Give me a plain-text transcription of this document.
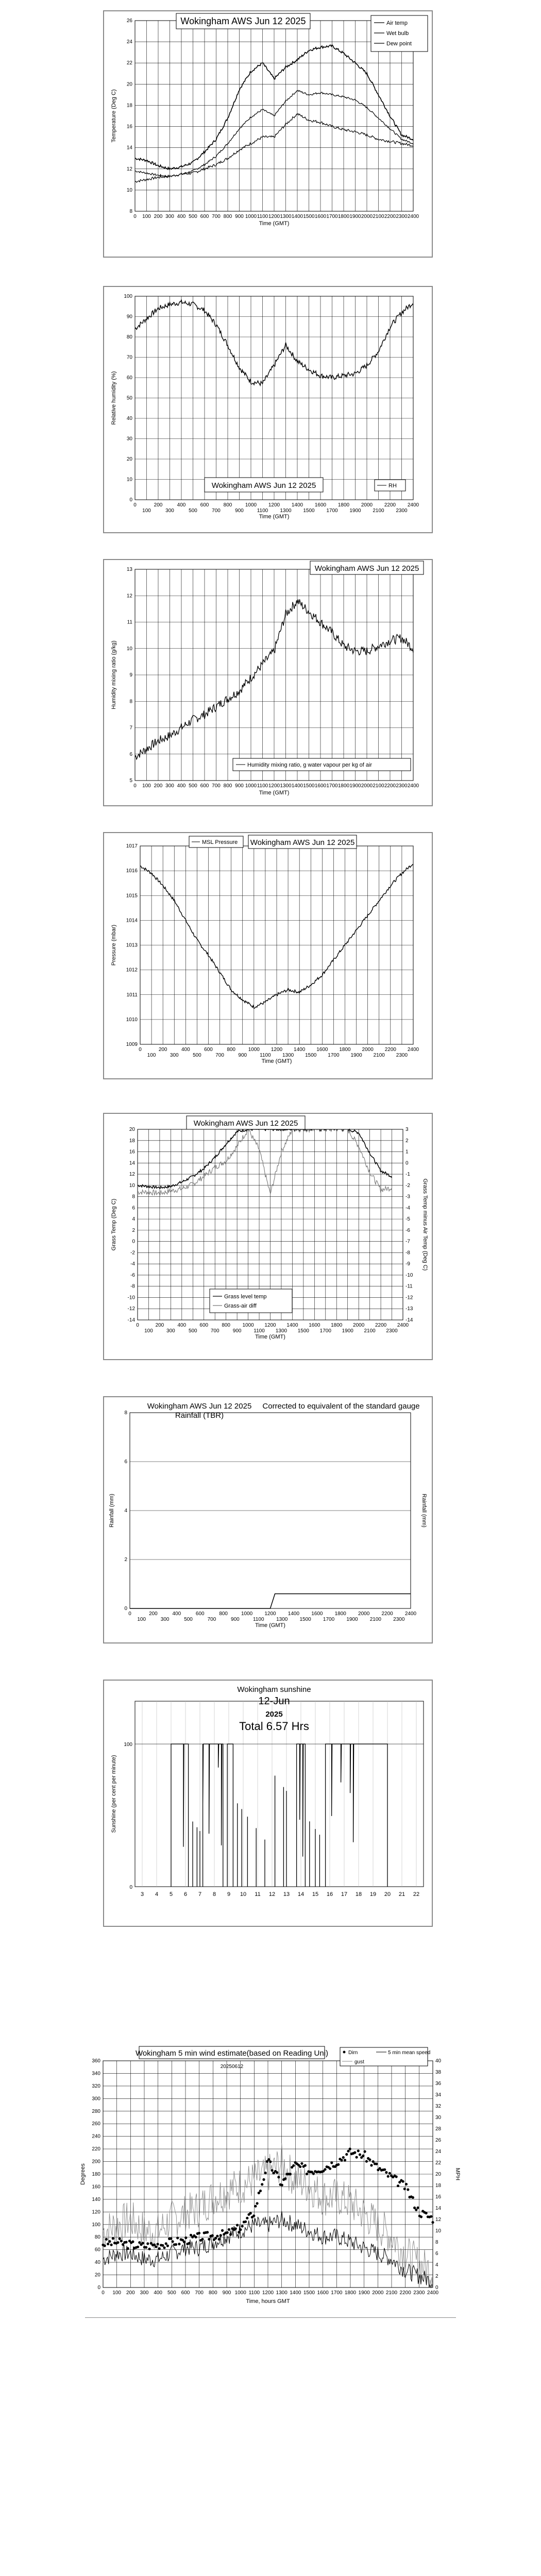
8
10
12
14
16
18
20
22
24
26
0 100 200 300 400 500 600 700 800 900 1000 1100 1200 1300 1400 1500 1600 1700 1800 1900 2000 2100 2200 2300 2400
Time (GMT)
Temperature (Deg C)
Wokingham AWS Jun 12 2025	Air temp
Wet bulb
Dew point
0
10
20
30
40
50
60
70
80
90
100
0	200	400	600	800	1000 1200 1400 1600 1800 2000 2200 2400
100	300	500	700	900	1100 1300 1500 1700 1900 2100 2300
Time (GMT)
Relative humidity (%)
Wokingham AWS Jun 12 2025	RH
5
6
7
8
9
10
11
12
13
0 100 200 300 400 500 600 700 800 900 1000 1100 1200 1300 1400 1500 1600 1700 1800 1900 2000 2100 2200 2300 2400
Time (GMT)
Humidity mixing ratio (g/kg)
Wokingham AWS Jun 12 2025
Humidity mixing ratio, g water vapour per kg of air
1009
1010
1011
1012
1013
1014
1015
1016
1017
0	200	400	600	800 1000 1200 1400 1600 1800 2000 2200 2400
100	300	500	700	900	1100 1300 1500 1700 1900 2100 2300
Time (GMT)
Pressure (mbar)
Wokingham AWS Jun 12 2025
MSL Pressure
-14
-12
-10
-8
-6
-4
-2
0
2
4
6
8
10
12
14
16
18
20
-14
-13
-12
-11
-10
-9
-8
-7
-6
-5
-4
-3
-2
-1
0
1
2
3
0	200	400	600	800 1000 1200 1400 1600 1800 2000 2200 2400
100	300	500	700	900 1100 1300 1500 1700 1900 2100 2300
Time (GMT)
Grass Temp (Deg C)	Grass Temp minus Air Temp (Deg C)
Wokingham AWS Jun 12 2025
Grass level temp
Grass-air diff
0
2
4
6
8
0	200	400	600	800	1000 1200 1400 1600 1800 2000 2200 2400
100	300	500	700	900	1100 1300 1500 1700 1900 2100 2300
Time (GMT)
Rainfall (mm)	Rainfall (mm)
Wokingham AWS Jun 12 2025
Rainfall (TBR)
Corrected to equivalent of the standard gauge
3 4 5 6 7 8 9 10 11 12 13 14 15 16 17 18 19 20 21 22
100
0
Sunshine (per cent per minute)
Wokingham sunshine
12-Jun
2025
Total 6.57 Hrs
0
20
40
60
80
100
120
140
160
180
200
220
240
260
280
300
320
340
360
0
2
4
6
8
10
12
14
16
18
20
22
24
26
28
30
32
34
36
38
40
0 100 200 300 400 500 600 700 800 900 1000 1100 1200 1300 1400 1500 1600 1700 1800 1900 2000 2100 2200 2300 2400
Time, hours GMT
Degrees	MPH
Wokingham 5 min wind estimate(based on Reading Uni)
20250612
Dirn	5 min mean speed
gust
